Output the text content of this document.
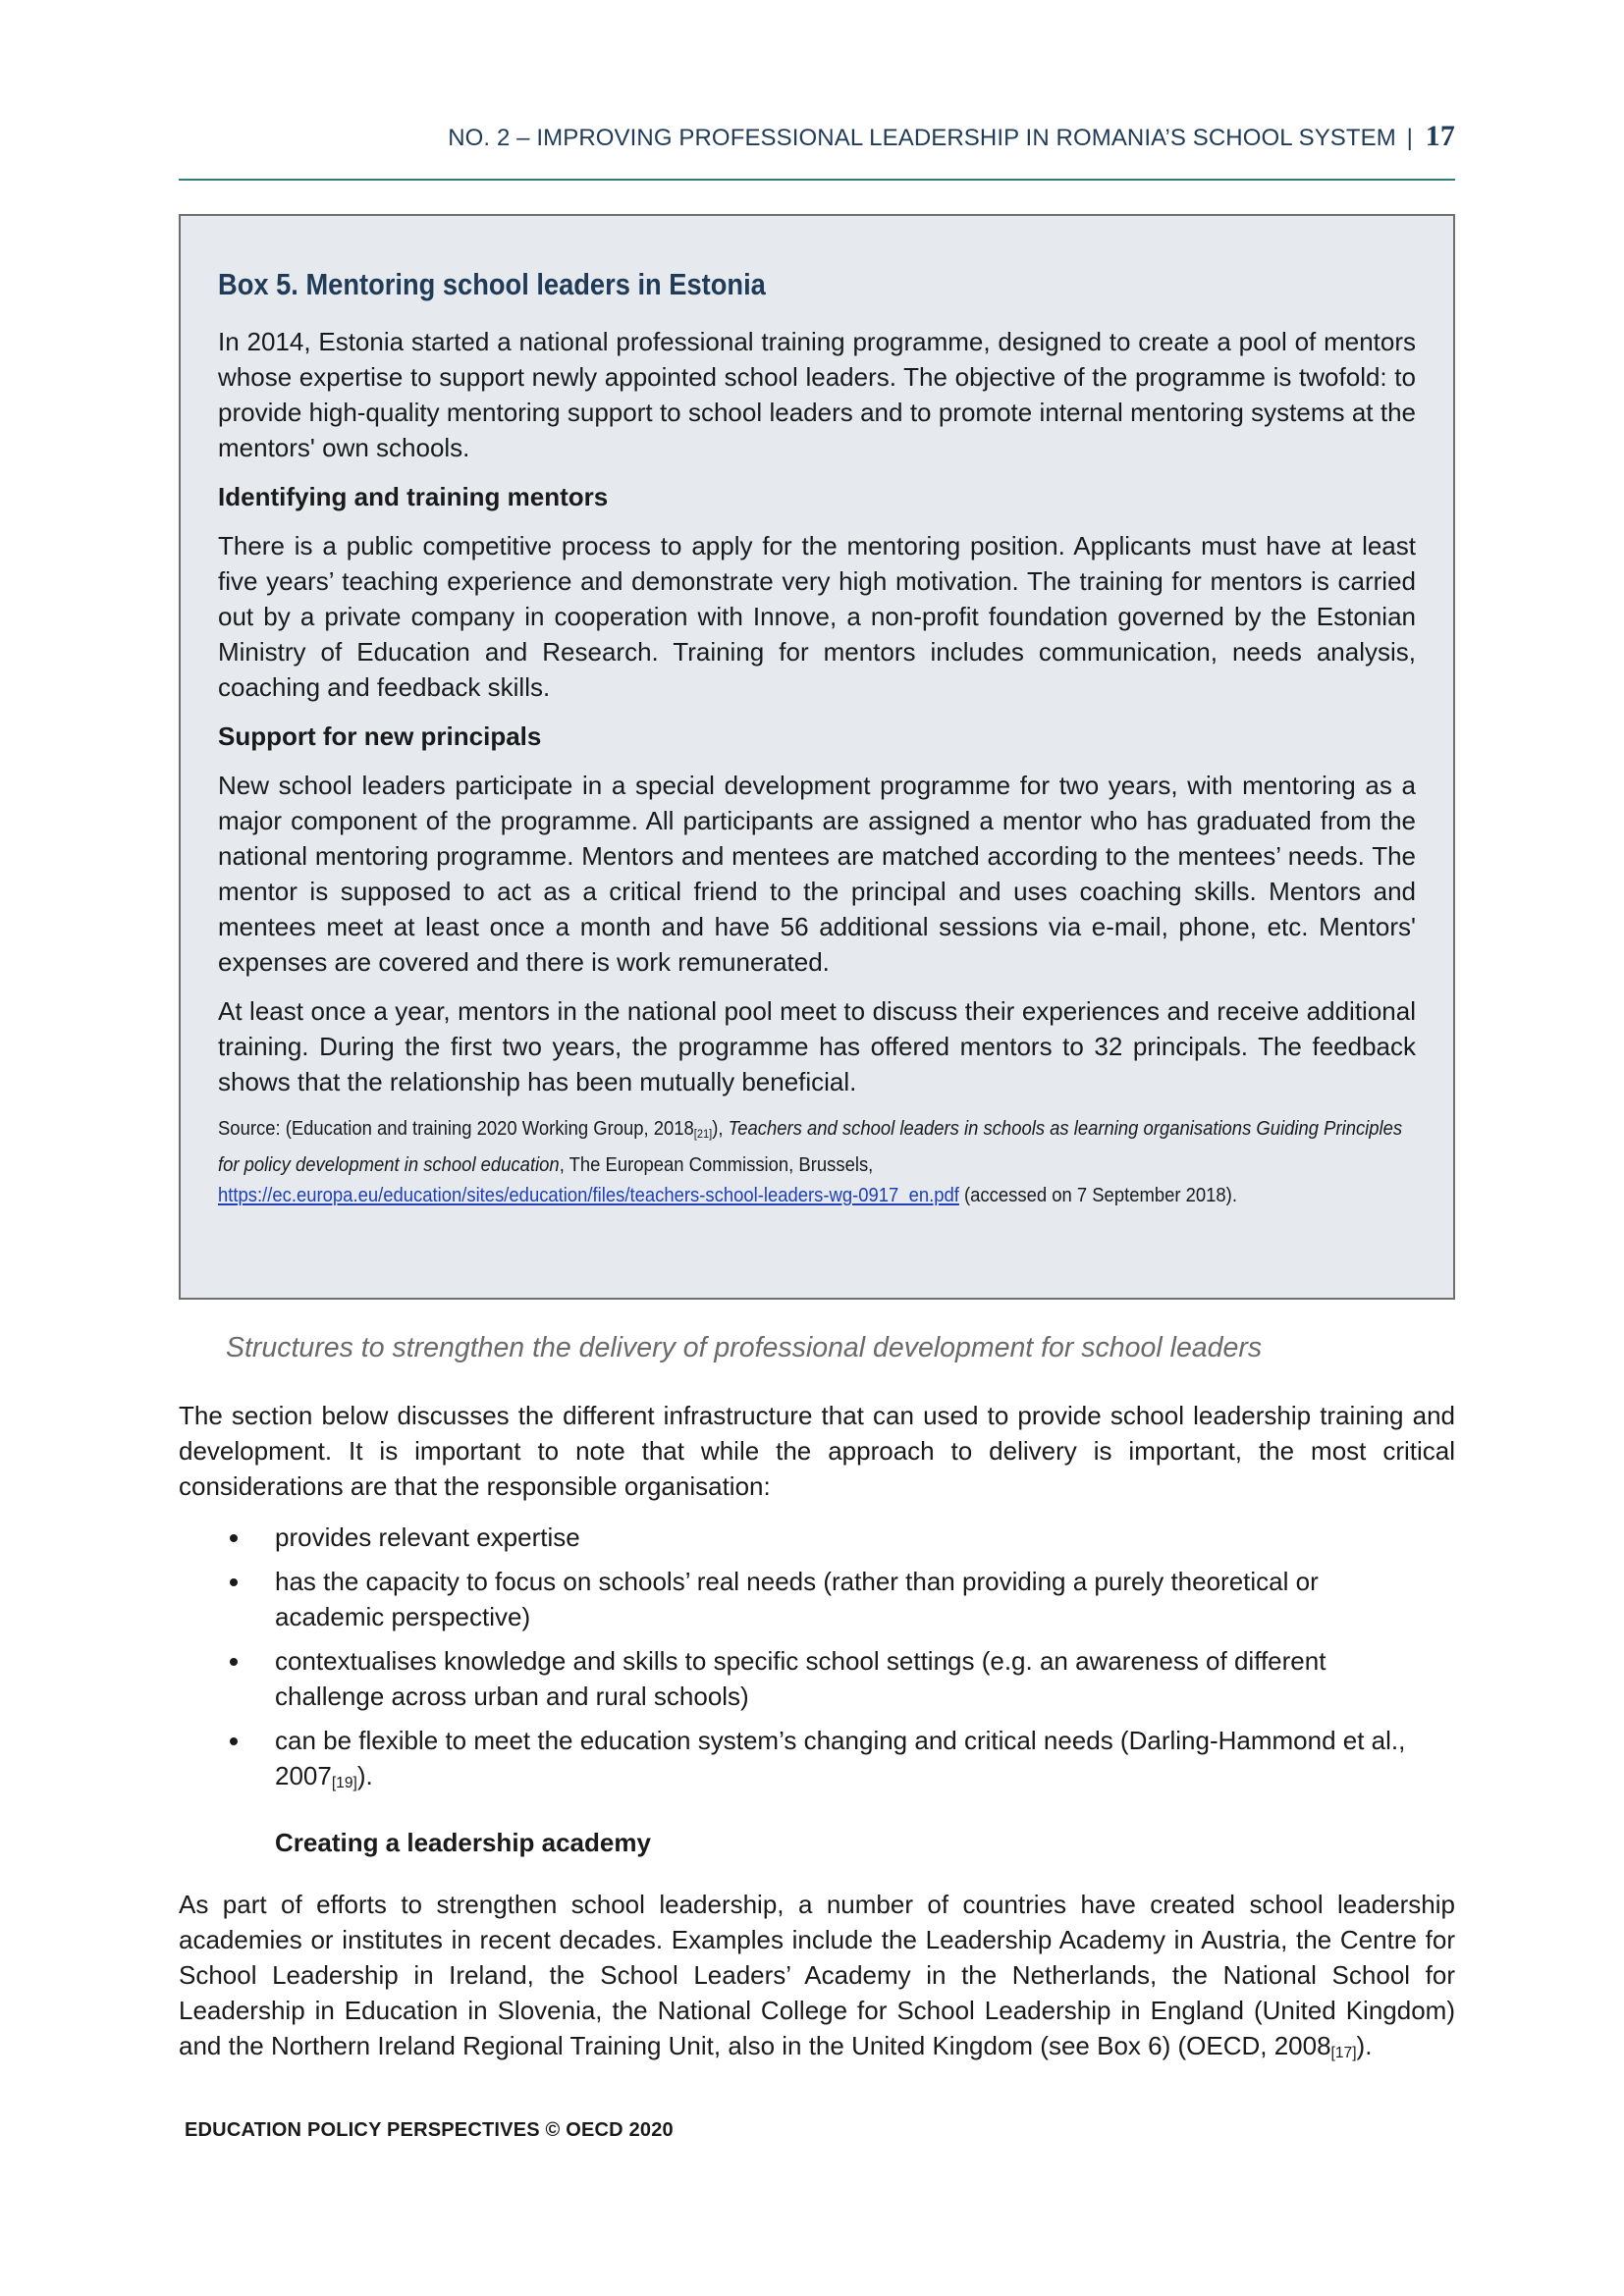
NO. 2 – IMPROVING PROFESSIONAL LEADERSHIP IN ROMANIA’S SCHOOL SYSTEM | 17
Box 5. Mentoring school leaders in Estonia

In 2014, Estonia started a national professional training programme, designed to create a pool of mentors whose expertise to support newly appointed school leaders. The objective of the programme is twofold: to provide high-quality mentoring support to school leaders and to promote internal mentoring systems at the mentors' own schools.

Identifying and training mentors

There is a public competitive process to apply for the mentoring position. Applicants must have at least five years’ teaching experience and demonstrate very high motivation. The training for mentors is carried out by a private company in cooperation with Innove, a non-profit foundation governed by the Estonian Ministry of Education and Research. Training for mentors includes communication, needs analysis, coaching and feedback skills.

Support for new principals

New school leaders participate in a special development programme for two years, with mentoring as a major component of the programme. All participants are assigned a mentor who has graduated from the national mentoring programme. Mentors and mentees are matched according to the mentees’ needs. The mentor is supposed to act as a critical friend to the principal and uses coaching skills. Mentors and mentees meet at least once a month and have 56 additional sessions via e-mail, phone, etc. Mentors' expenses are covered and there is work remunerated.

At least once a year, mentors in the national pool meet to discuss their experiences and receive additional training. During the first two years, the programme has offered mentors to 32 principals. The feedback shows that the relationship has been mutually beneficial.

Source: (Education and training 2020 Working Group, $2018_{[21]}$), Teachers and school leaders in schools as learning organisations Guiding Principles for policy development in school education, The European Commission, Brussels,
https://ec.europa.eu/education/sites/education/files/teachers-school-leaders-wg-0917_en.pdf (accessed on 7 September 2018).
Structures to strengthen the delivery of professional development for school leaders

The section below discusses the different infrastructure that can used to provide school leadership training and development. It is important to note that while the approach to delivery is important, the most critical considerations are that the responsible organisation:

provides relevant expertise
has the capacity to focus on schools’ real needs (rather than providing a purely theoretical or academic perspective)
contextualises knowledge and skills to specific school settings (e.g. an awareness of different challenge across urban and rural schools)
can be flexible to meet the education system’s changing and critical needs (Darling-Hammond et al., $2007_{[19]}$).
Creating a leadership academy

As part of efforts to strengthen school leadership, a number of countries have created school leadership academies or institutes in recent decades. Examples include the Leadership Academy in Austria, the Centre for School Leadership in Ireland, the School Leaders’ Academy in the Netherlands, the National School for Leadership in Education in Slovenia, the National College for School Leadership in England (United Kingdom) and the Northern Ireland Regional Training Unit, also in the United Kingdom (see Box 6) (OECD, $2008_{[17]}$).

EDUCATION POLICY PERSPECTIVES © OECD 2020
